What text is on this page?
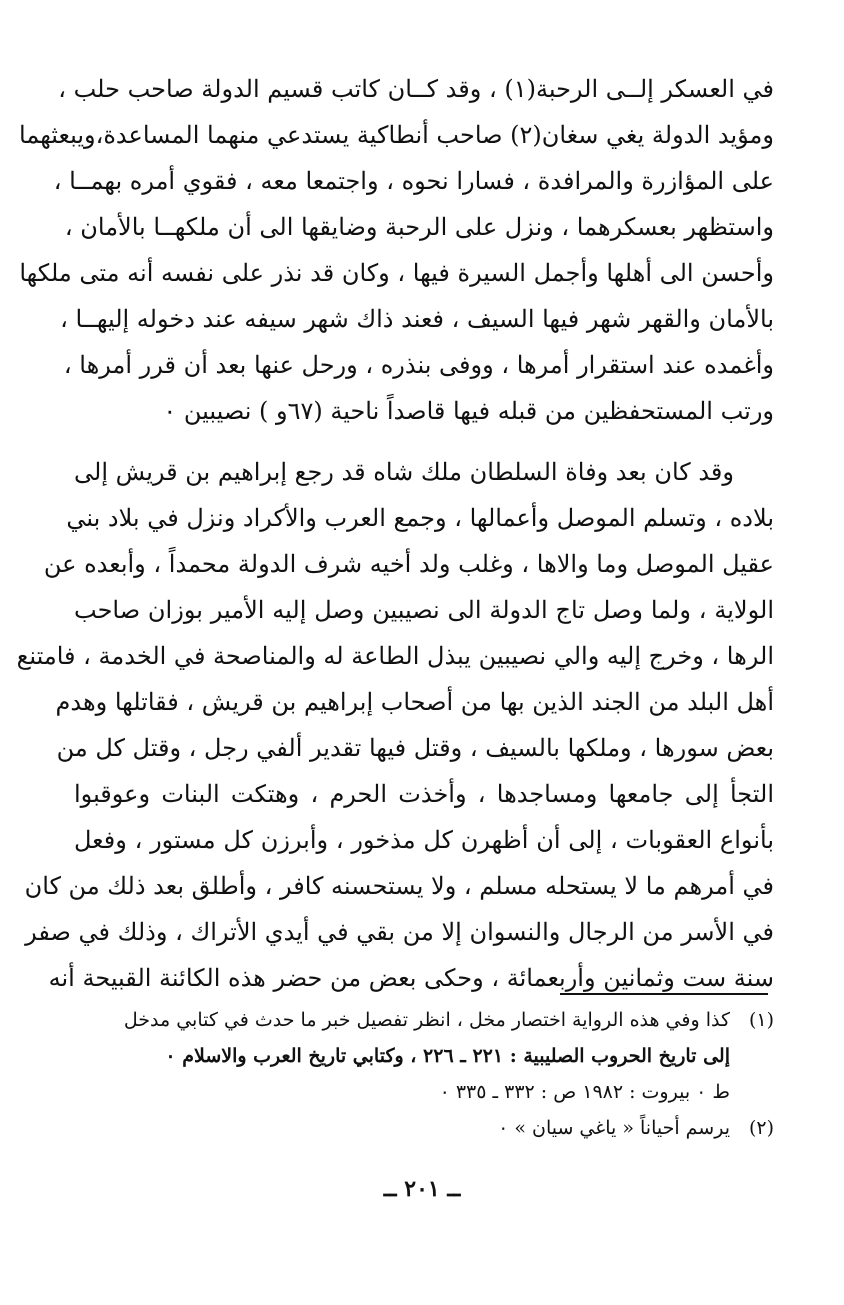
في العسكر إلــى الرحبة(١) ، وقد كــان كاتب قسيم الدولة صاحب حلب ،
ومؤيد الدولة يغي سغان(٢) صاحب أنطاكية يستدعي منهما المساعدة،ويبعثهما
على المؤازرة والمرافدة ، فسارا نحوه ، واجتمعا معه ، فقوي أمره بهمــا ،
واستظهر بعسكرهما ، ونزل على الرحبة وضايقها الى أن ملكهــا بالأمان ،
وأحسن الى أهلها وأجمل السيرة فيها ، وكان قد نذر على نفسه أنه متى ملكها
بالأمان والقهر شهر فيها السيف ، فعند ذاك شهر سيفه عند دخوله إليهــا ،
وأغمده عند استقرار أمرها ، ووفى بنذره ، ورحل عنها بعد أن قرر أمرها ،
ورتب المستحفظين من قبله فيها قاصداً ناحية (٦٧و ) نصيبين ٠
وقد كان بعد وفاة السلطان ملك شاه قد رجع إبراهيم بن قريش إلى
بلاده ، وتسلم الموصل وأعمالها ، وجمع العرب والأكراد ونزل في بلاد بني
عقيل الموصل وما والاها ، وغلب ولد أخيه شرف الدولة محمداً ، وأبعده عن
الولاية ، ولما وصل تاج الدولة الى نصيبين وصل إليه الأمير بوزان صاحب
الرها ، وخرج إليه والي نصيبين يبذل الطاعة له والمناصحة في الخدمة ، فامتنع
أهل البلد من الجند الذين بها من أصحاب إبراهيم بن قريش ، فقاتلها وهدم
بعض سورها ، وملكها بالسيف ، وقتل فيها تقدير ألفي رجل ، وقتل كل من
التجأ إلى جامعها ومساجدها ، وأخذت الحرم ، وهتكت البنات وعوقبوا
بأنواع العقوبات ، إلى أن أظهرن كل مذخور ، وأبرزن كل مستور ، وفعل
في أمرهم ما لا يستحله مسلم ، ولا يستحسنه كافر ، وأطلق بعد ذلك من كان
في الأسر من الرجال والنسوان إلا من بقي في أيدي الأتراك ، وذلك في صفر
سنة ست وثمانين وأربعمائة ، وحكى بعض من حضر هذه الكائنة القبيحة أنه
(١)
كذا وفي هذه الرواية اختصار مخل ، انظر تفصيل خبر ما حدث في كتابي مدخل
إلى تاريخ الحروب الصليبية : ٢٢١ ـ ٢٢٦ ، وكتابي تاريخ العرب والاسلام ٠
ط ٠ بيروت : ١٩٨٢ ص : ٣٣٢ ـ ٣٣٥ ٠
(٢)
يرسم أحياناً « ياغي سيان » ٠
ــ ٢٠١ ــ
